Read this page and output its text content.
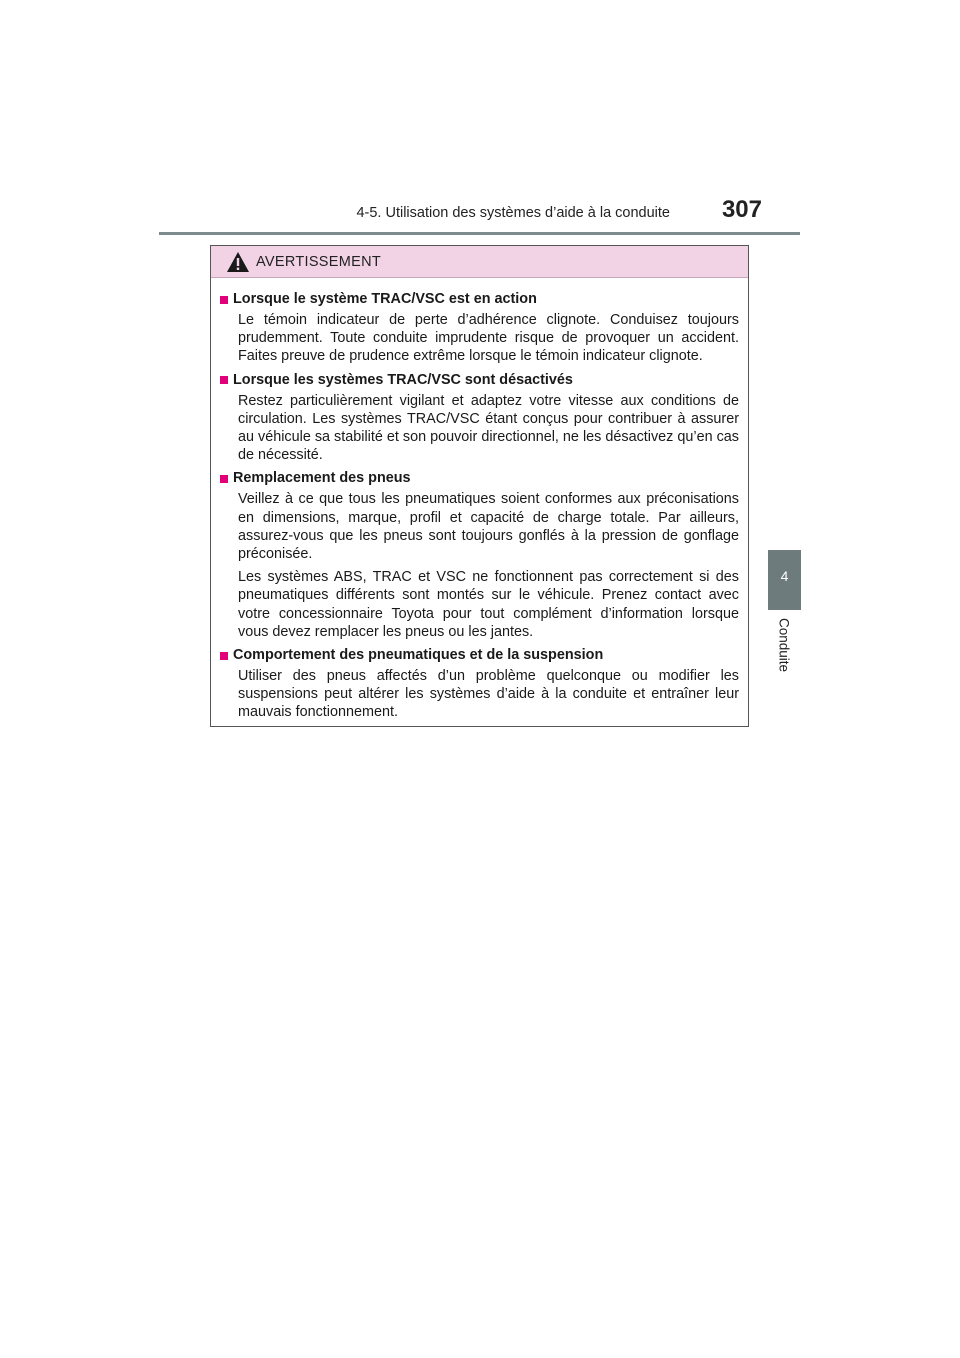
4-5. Utilisation des systèmes d’aide à la conduite	307
4
Conduite
AVERTISSEMENT
Lorsque le système TRAC/VSC est en action

Le témoin indicateur de perte d’adhérence clignote. Conduisez toujours prudemment. Toute conduite imprudente risque de provoquer un accident. Faites preuve de prudence extrême lorsque le témoin indicateur clignote.

Lorsque les systèmes TRAC/VSC sont désactivés

Restez particulièrement vigilant et adaptez votre vitesse aux conditions de circulation. Les systèmes TRAC/VSC étant conçus pour contribuer à assurer au véhicule sa stabilité et son pouvoir directionnel, ne les désactivez qu’en cas de nécessité.

Remplacement des pneus

Veillez à ce que tous les pneumatiques soient conformes aux préconisations en dimensions, marque, profil et capacité de charge totale. Par ailleurs, assurez-vous que les pneus sont toujours gonflés à la pression de gonflage préconisée.

Les systèmes ABS, TRAC et VSC ne fonctionnent pas correctement si des pneumatiques différents sont montés sur le véhicule. Prenez contact avec votre concessionnaire Toyota pour tout complément d’information lorsque vous devez remplacer les pneus ou les jantes.

Comportement des pneumatiques et de la suspension

Utiliser des pneus affectés d’un problème quelconque ou modifier les suspensions peut altérer les systèmes d’aide à la conduite et entraîner leur mauvais fonctionnement.
